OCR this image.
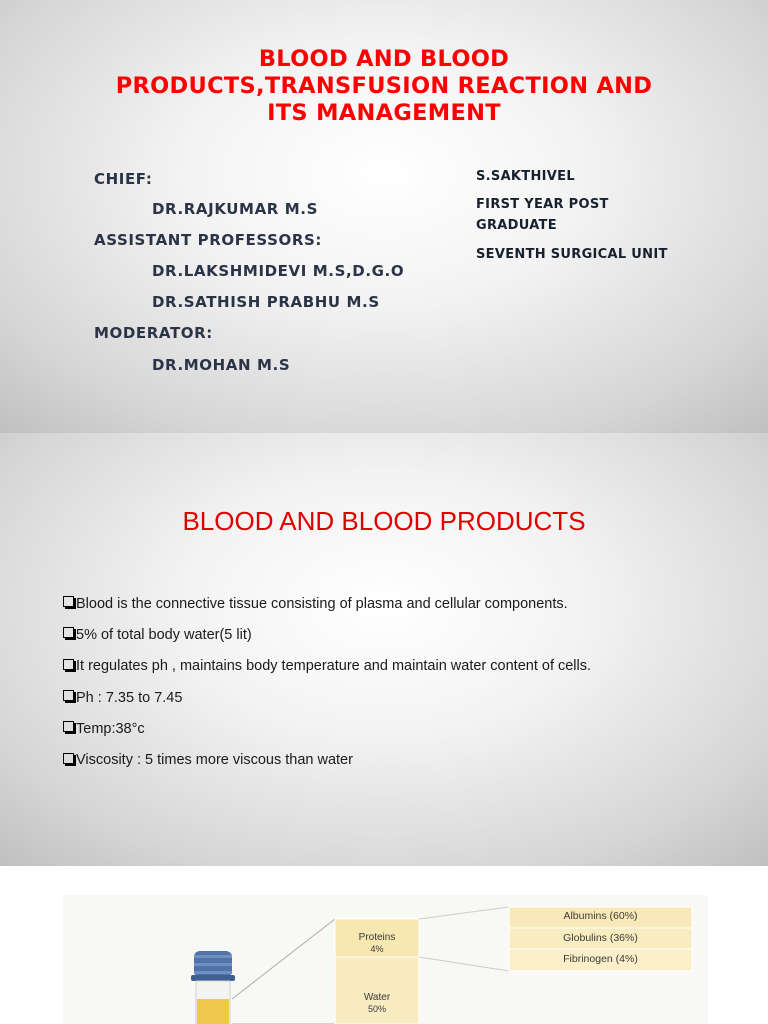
BLOOD AND BLOOD
PRODUCTS,TRANSFUSION REACTION AND
ITS MANAGEMENT
CHIEF:
DR.RAJKUMAR M.S
ASSISTANT PROFESSORS:
DR.LAKSHMIDEVI M.S,D.G.O
DR.SATHISH PRABHU M.S
MODERATOR:
DR.MOHAN M.S
S.SAKTHIVEL
FIRST YEAR POST
GRADUATE
SEVENTH SURGICAL UNIT
BLOOD AND BLOOD PRODUCTS
Blood is the connective tissue consisting of plasma and cellular components.
5% of total body water(5 lit)
It regulates ph , maintains body temperature and maintain water content of cells.
Ph : 7.35 to 7.45
Temp:38°c
Viscosity : 5 times more viscous than water
Proteins
4%
Water
50%
Albumins (60%)
Globulins (36%)
Fibrinogen (4%)
